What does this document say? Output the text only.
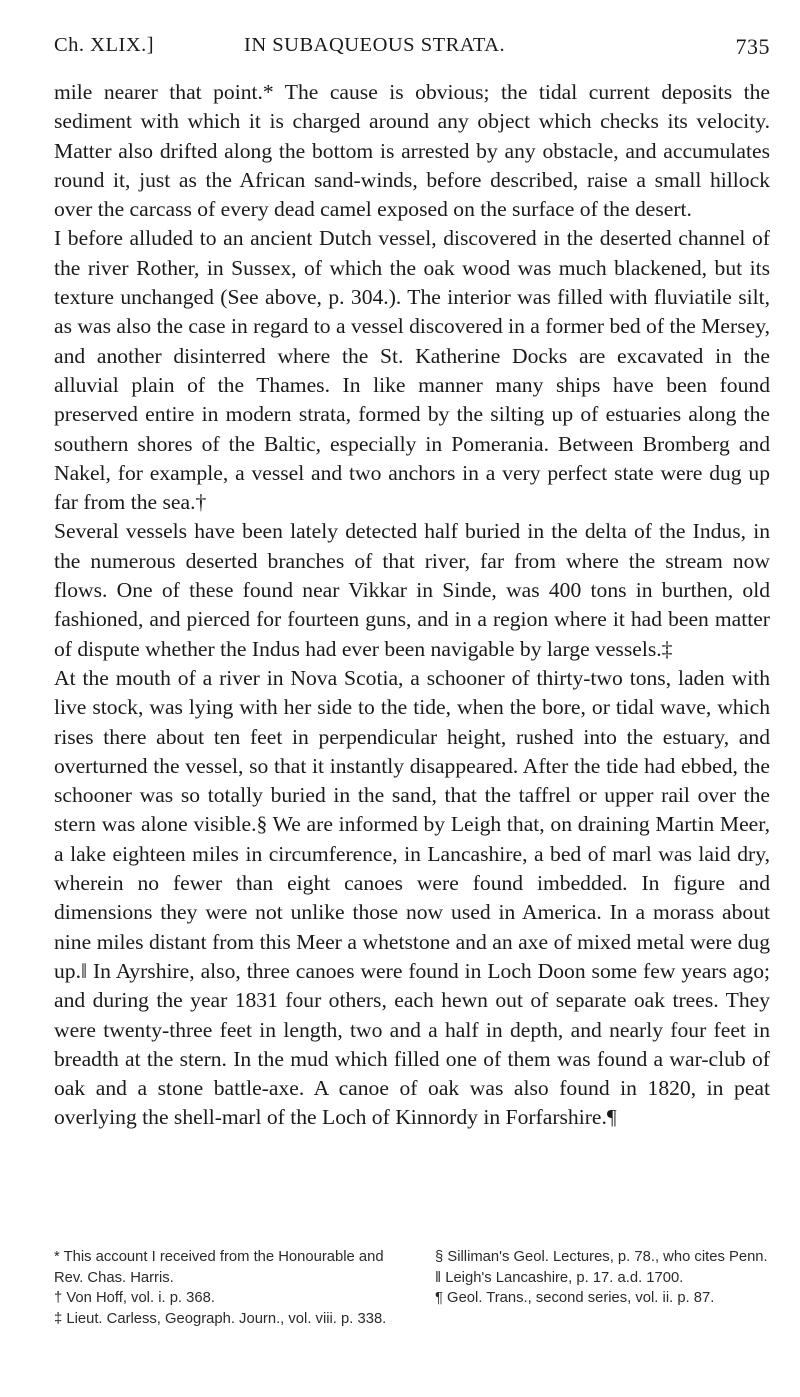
Ch. XLIX.]	IN SUBAQUEOUS STRATA.	735

mile nearer that point.* The cause is obvious; the tidal current deposits the sediment with which it is charged around any object which checks its velocity. Matter also drifted along the bottom is arrested by any obstacle, and accumulates round it, just as the African sand-winds, before described, raise a small hillock over the carcass of every dead camel exposed on the surface of the desert.

I before alluded to an ancient Dutch vessel, discovered in the deserted channel of the river Rother, in Sussex, of which the oak wood was much blackened, but its texture unchanged (See above, p. 304.). The interior was filled with fluviatile silt, as was also the case in regard to a vessel discovered in a former bed of the Mersey, and another disinterred where the St. Katherine Docks are excavated in the alluvial plain of the Thames. In like manner many ships have been found preserved entire in modern strata, formed by the silting up of estuaries along the southern shores of the Baltic, especially in Pomerania. Between Bromberg and Nakel, for example, a vessel and two anchors in a very perfect state were dug up far from the sea.†

Several vessels have been lately detected half buried in the delta of the Indus, in the numerous deserted branches of that river, far from where the stream now flows. One of these found near Vikkar in Sinde, was 400 tons in burthen, old fashioned, and pierced for fourteen guns, and in a region where it had been matter of dispute whether the Indus had ever been navigable by large vessels.‡

At the mouth of a river in Nova Scotia, a schooner of thirty-two tons, laden with live stock, was lying with her side to the tide, when the bore, or tidal wave, which rises there about ten feet in perpendicular height, rushed into the estuary, and overturned the vessel, so that it instantly disappeared. After the tide had ebbed, the schooner was so totally buried in the sand, that the taffrel or upper rail over the stern was alone visible.§ We are informed by Leigh that, on draining Martin Meer, a lake eighteen miles in circumference, in Lancashire, a bed of marl was laid dry, wherein no fewer than eight canoes were found imbedded. In figure and dimensions they were not unlike those now used in America. In a morass about nine miles distant from this Meer a whetstone and an axe of mixed metal were dug up.‖ In Ayrshire, also, three canoes were found in Loch Doon some few years ago; and during the year 1831 four others, each hewn out of separate oak trees. They were twenty-three feet in length, two and a half in depth, and nearly four feet in breadth at the stern. In the mud which filled one of them was found a war-club of oak and a stone battle-axe. A canoe of oak was also found in 1820, in peat overlying the shell-marl of the Loch of Kinnordy in Forfarshire.¶

* This account I received from the Honourable and Rev. Chas. Harris.

† Von Hoff, vol. i. p. 368.

‡ Lieut. Carless, Geograph. Journ., vol. viii. p. 338.

§ Silliman's Geol. Lectures, p. 78., who cites Penn.

‖ Leigh's Lancashire, p. 17. a.d. 1700.

¶ Geol. Trans., second series, vol. ii. p. 87.
